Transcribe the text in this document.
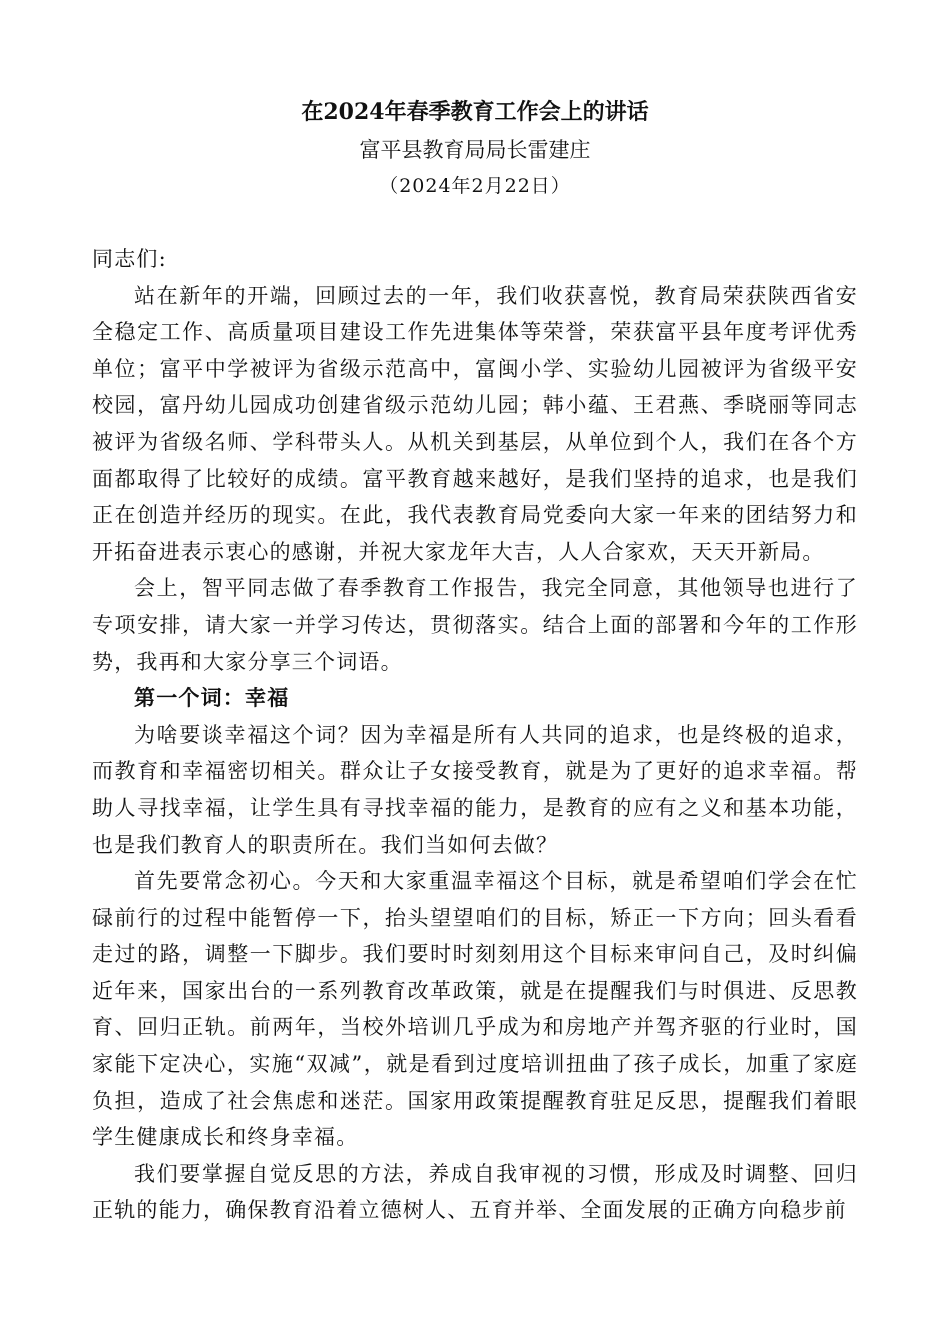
在2024年春季教育工作会上的讲话

富平县教育局局长雷建庄

（2024年2月22日）

同志们:

站在新年的开端，回顾过去的一年，我们收获喜悦，教育局荣获陕西省安全稳定工作、高质量项目建设工作先进集体等荣誉，荣获富平县年度考评优秀单位；富平中学被评为省级示范高中，富闽小学、实验幼儿园被评为省级平安校园，富丹幼儿园成功创建省级示范幼儿园；韩小蕴、王君燕、季晓丽等同志被评为省级名师、学科带头人。从机关到基层，从单位到个人，我们在各个方面都取得了比较好的成绩。富平教育越来越好，是我们坚持的追求，也是我们正在创造并经历的现实。在此，我代表教育局党委向大家一年来的团结努力和开拓奋进表示衷心的感谢，并祝大家龙年大吉，人人合家欢，天天开新局。

会上，智平同志做了春季教育工作报告，我完全同意，其他领导也进行了专项安排，请大家一并学习传达，贯彻落实。结合上面的部署和今年的工作形势，我再和大家分享三个词语。

第一个词：幸福

为啥要谈幸福这个词？因为幸福是所有人共同的追求，也是终极的追求，而教育和幸福密切相关。群众让子女接受教育，就是为了更好的追求幸福。帮助人寻找幸福，让学生具有寻找幸福的能力，是教育的应有之义和基本功能，也是我们教育人的职责所在。我们当如何去做？

首先要常念初心。今天和大家重温幸福这个目标，就是希望咱们学会在忙碌前行的过程中能暂停一下，抬头望望咱们的目标，矫正一下方向；回头看看走过的路，调整一下脚步。我们要时时刻刻用这个目标来审问自己，及时纠偏近年来，国家出台的一系列教育改革政策，就是在提醒我们与时俱进、反思教育、回归正轨。前两年，当校外培训几乎成为和房地产并驾齐驱的行业时，国家能下定决心，实施“双减”，就是看到过度培训扭曲了孩子成长，加重了家庭负担，造成了社会焦虑和迷茫。国家用政策提醒教育驻足反思，提醒我们着眼学生健康成长和终身幸福。

我们要掌握自觉反思的方法，养成自我审视的习惯，形成及时调整、回归正轨的能力，确保教育沿着立德树人、五育并举、全面发展的正确方向稳步前
